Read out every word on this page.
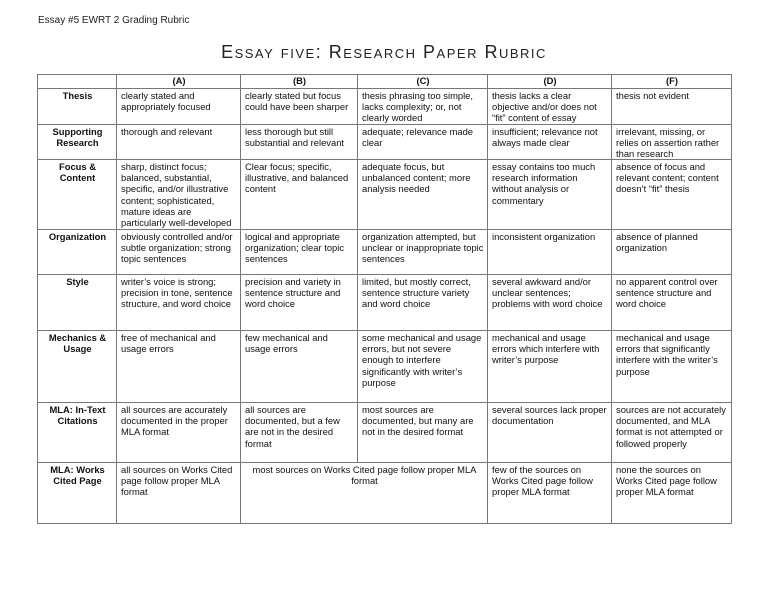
Essay #5 EWRT 2 Grading Rubric
Essay five: Research Paper Rubric
	(A)	(B)	(C)	(D)	(F)
Thesis	clearly stated and appropriately focused	clearly stated but focus could have been sharper	thesis phrasing too simple, lacks complexity; or, not clearly worded	thesis lacks a clear objective and/or does not “fit” content of essay	thesis not evident
Supporting Research	thorough and relevant	less thorough but still substantial and relevant	adequate; relevance made clear	insufficient; relevance not always made clear	irrelevant, missing, or relies on assertion rather than research
Focus & Content	sharp, distinct focus; balanced, substantial, specific, and/or illustrative content; sophisticated, mature ideas are particularly well-developed	Clear focus; specific, illustrative, and balanced content	adequate focus, but unbalanced content; more analysis needed	essay contains too much research information without analysis or commentary	absence of focus and relevant content; content doesn’t “fit” thesis
Organization	obviously controlled and/or subtle organization; strong topic sentences	logical and appropriate organization; clear topic sentences	organization attempted, but unclear or inappropriate topic sentences	inconsistent organization	absence of planned organization
Style	writer’s voice is strong; precision in tone, sentence structure, and word choice	precision and variety in sentence structure and word choice	limited, but mostly correct, sentence structure variety and word choice	several awkward and/or unclear sentences; problems with word choice	no apparent control over sentence structure and word choice
Mechanics & Usage	free of mechanical and usage errors	few mechanical and usage errors	some mechanical and usage errors, but not severe enough to interfere significantly with writer’s purpose	mechanical and usage errors which interfere with writer’s purpose	mechanical and usage errors that significantly interfere with the writer’s purpose
MLA: In-Text Citations	all sources are accurately documented in the proper MLA format	all sources are documented, but a few are not in the desired format	most sources are documented, but many are not in the desired format	several sources lack proper documentation	sources are not accurately documented, and MLA format is not attempted or followed properly
MLA: Works Cited Page	all sources on Works Cited page follow proper MLA format	most sources on Works Cited page follow proper MLA format		few of the sources on Works Cited page follow proper MLA format	none the sources on Works Cited page follow proper MLA format
